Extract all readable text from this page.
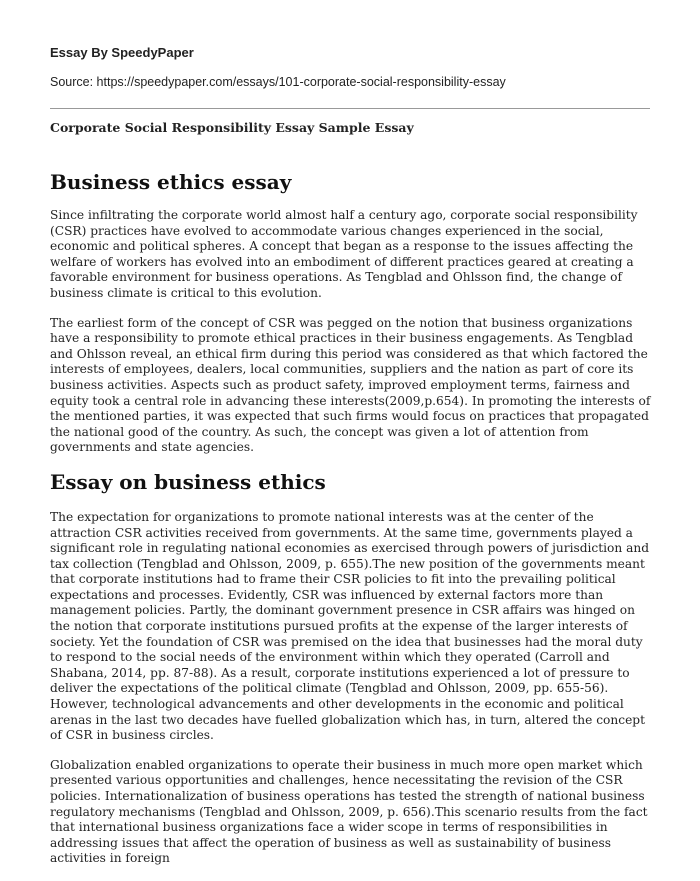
Essay By SpeedyPaper

Source: https://speedypaper.com/essays/101-corporate-social-responsibility-essay

Corporate Social Responsibility Essay Sample Essay

Business ethics essay

Since infiltrating the corporate world almost half a century ago, corporate social responsibility (CSR) practices have evolved to accommodate various changes experienced in the social, economic and political spheres. A concept that began as a response to the issues affecting the welfare of workers has evolved into an embodiment of different practices geared at creating a favorable environment for business operations. As Tengblad and Ohlsson find, the change of business climate is critical to this evolution.

The earliest form of the concept of CSR was pegged on the notion that business organizations have a responsibility to promote ethical practices in their business engagements. As Tengblad and Ohlsson reveal, an ethical firm during this period was considered as that which factored the interests of employees, dealers, local communities, suppliers and the nation as part of core its business activities. Aspects such as product safety, improved employment terms, fairness and equity took a central role in advancing these interests(2009,p.654). In promoting the interests of the mentioned parties, it was expected that such firms would focus on practices that propagated the national good of the country. As such, the concept was given a lot of attention from governments and state agencies.

Essay on business ethics

The expectation for organizations to promote national interests was at the center of the attraction CSR activities received from governments. At the same time, governments played a significant role in regulating national economies as exercised through powers of jurisdiction and tax collection (Tengblad and Ohlsson, 2009, p. 655).The new position of the governments meant that corporate institutions had to frame their CSR policies to fit into the prevailing political expectations and processes. Evidently, CSR was influenced by external factors more than management policies. Partly, the dominant government presence in CSR affairs was hinged on the notion that corporate institutions pursued profits at the expense of the larger interests of society. Yet the foundation of CSR was premised on the idea that businesses had the moral duty to respond to the social needs of the environment within which they operated (Carroll and Shabana, 2014, pp. 87-88). As a result, corporate institutions experienced a lot of pressure to deliver the expectations of the political climate (Tengblad and Ohlsson, 2009, pp. 655-56). However, technological advancements and other developments in the economic and political arenas in the last two decades have fuelled globalization which has, in turn, altered the concept of CSR in business circles.

Globalization enabled organizations to operate their business in much more open market which presented various opportunities and challenges, hence necessitating the revision of the CSR policies. Internationalization of business operations has tested the strength of national business regulatory mechanisms (Tengblad and Ohlsson, 2009, p. 656).This scenario results from the fact that international business organizations face a wider scope in terms of responsibilities in addressing issues that affect the operation of business as well as sustainability of business activities in foreign
